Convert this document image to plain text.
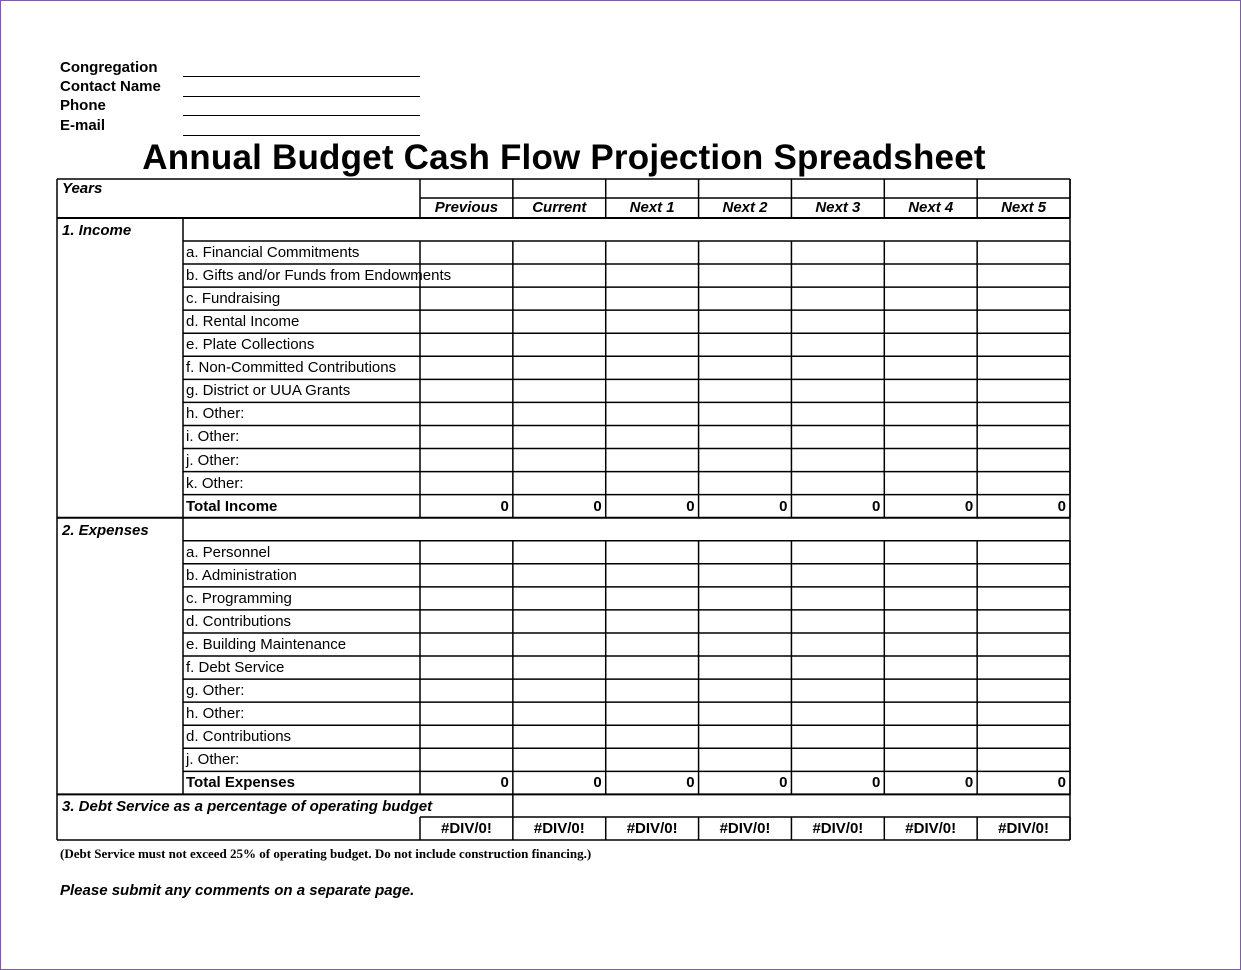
Congregation
Contact Name
Phone
E-mail
Annual Budget Cash Flow Projection Spreadsheet
Years
Previous	Current	Next 1	Next 2	Next 3	Next 4	Next 5
1. Income
a. Financial Commitments
b. Gifts and/or Funds from Endowments
c. Fundraising
d. Rental Income
e. Plate Collections
f. Non-Committed Contributions
g. District or UUA Grants
h. Other:
i. Other:
j. Other:
k. Other:
Total Income	0	0	0	0	0	0	0
2. Expenses
a. Personnel
b. Administration
c. Programming
d. Contributions
e. Building Maintenance
f. Debt Service
g. Other:
h. Other:
d. Contributions
j. Other:
Total Expenses	0	0	0	0	0	0	0
3. Debt Service as a percentage of operating budget
#DIV/0!	#DIV/0!	#DIV/0!	#DIV/0!	#DIV/0!	#DIV/0!	#DIV/0!
(Debt Service must not exceed 25% of operating budget. Do not include construction financing.)
Please submit any comments on a separate page.
